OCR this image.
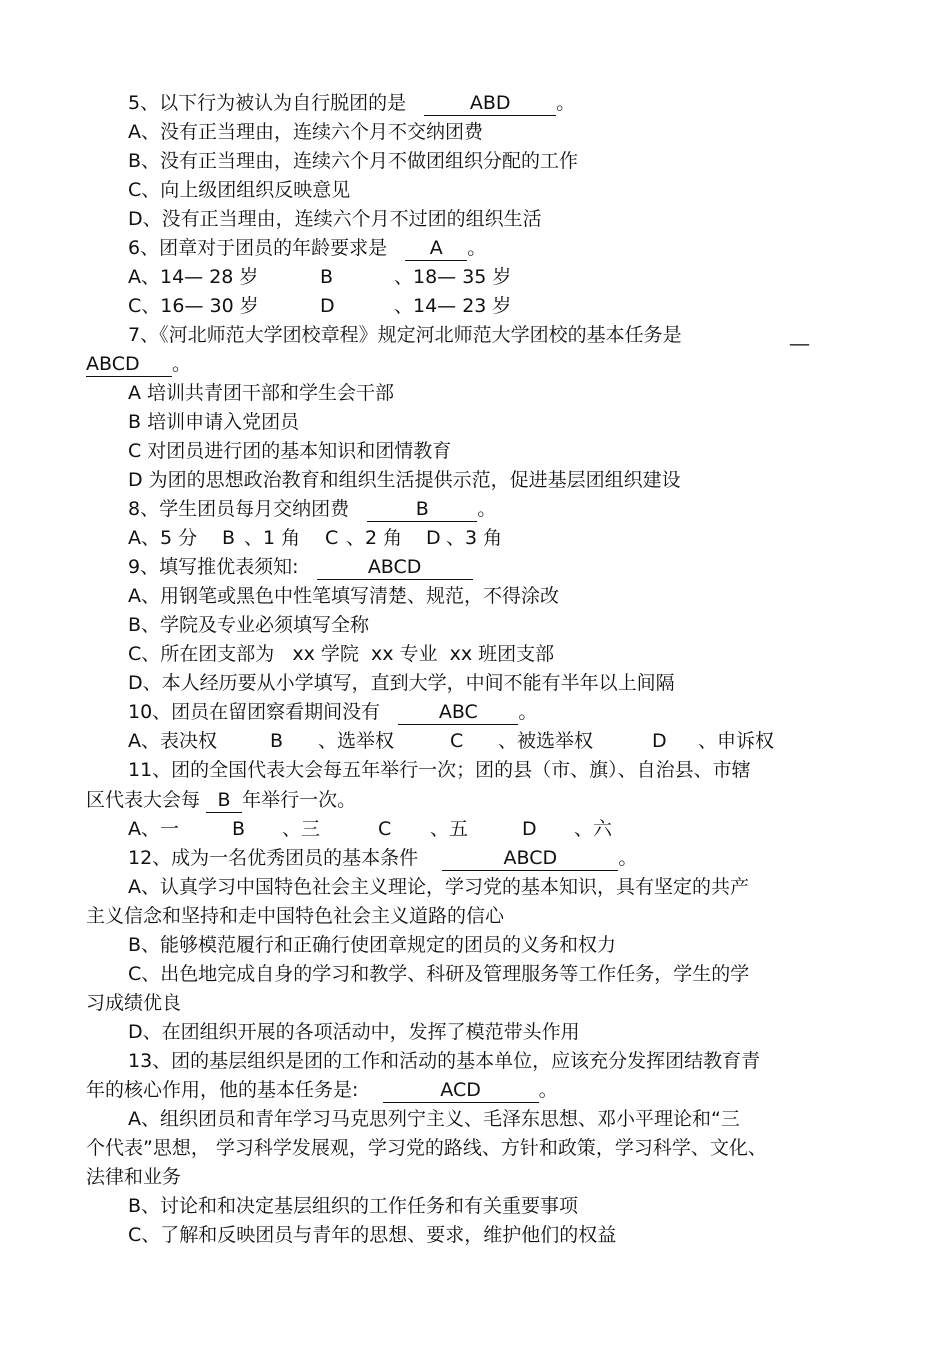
5、以下行为被认为自行脱团的是	ABD 。
A、没有正当理由，连续六个月不交纳团费
B、没有正当理由，连续六个月不做团组织分配的工作
C、向上级团组织反映意见
D、没有正当理由，连续六个月不过团的组织生活
6、团章对于团员的年龄要求是 A 。
A、14— 28 岁	B	、18— 35 岁
C、16— 30 岁	D	、14— 23 岁
7、《河北师范大学团校章程》规定河北师范大学团校的基本任务是	__
ABCD 。
A 培训共青团干部和学生会干部
B 培训申请入党团员
C 对团员进行团的基本知识和团情教育
D 为团的思想政治教育和组织生活提供示范，促进基层团组织建设
8、学生团员每月交纳团费	B	。
A、5 分 B 、1 角 C 、2 角 D 、3 角
9、填写推优表须知:	ABCD
A、用钢笔或黑色中性笔填写清楚、规范，不得涂改
B、学院及专业必须填写全称
C、所在团支部为   xx 学院  xx 专业  xx 班团支部
D、本人经历要从小学填写，直到大学，中间不能有半年以上间隔
10、团员在留团察看期间没有	ABC 。
A、表决权	B 、选举权	C 、被选举权	D 、申诉权
11、团的全国代表大会每五年举行一次；团的县（市、旗）、自治县、市辖
区代表大会每 B 年举行一次。
A、一	B 、三	C 、五	D 、六
12、成为一名优秀团员的基本条件	ABCD	。
A、认真学习中国特色社会主义理论，学习党的基本知识，具有坚定的共产
主义信念和坚持和走中国特色社会主义道路的信心
B、能够模范履行和正确行使团章规定的团员的义务和权力
C、出色地完成自身的学习和教学、科研及管理服务等工作任务，学生的学
习成绩优良
D、在团组织开展的各项活动中，发挥了模范带头作用
13、团的基层组织是团的工作和活动的基本单位，应该充分发挥团结教育青
年的核心作用，他的基本任务是:	ACD	。
A、组织团员和青年学习马克思列宁主义、毛泽东思想、邓小平理论和“三
个代表”思想， 学习科学发展观，学习党的路线、方针和政策，学习科学、文化、
法律和业务
B、讨论和和决定基层组织的工作任务和有关重要事项
C、了解和反映团员与青年的思想、要求，维护他们的权益
